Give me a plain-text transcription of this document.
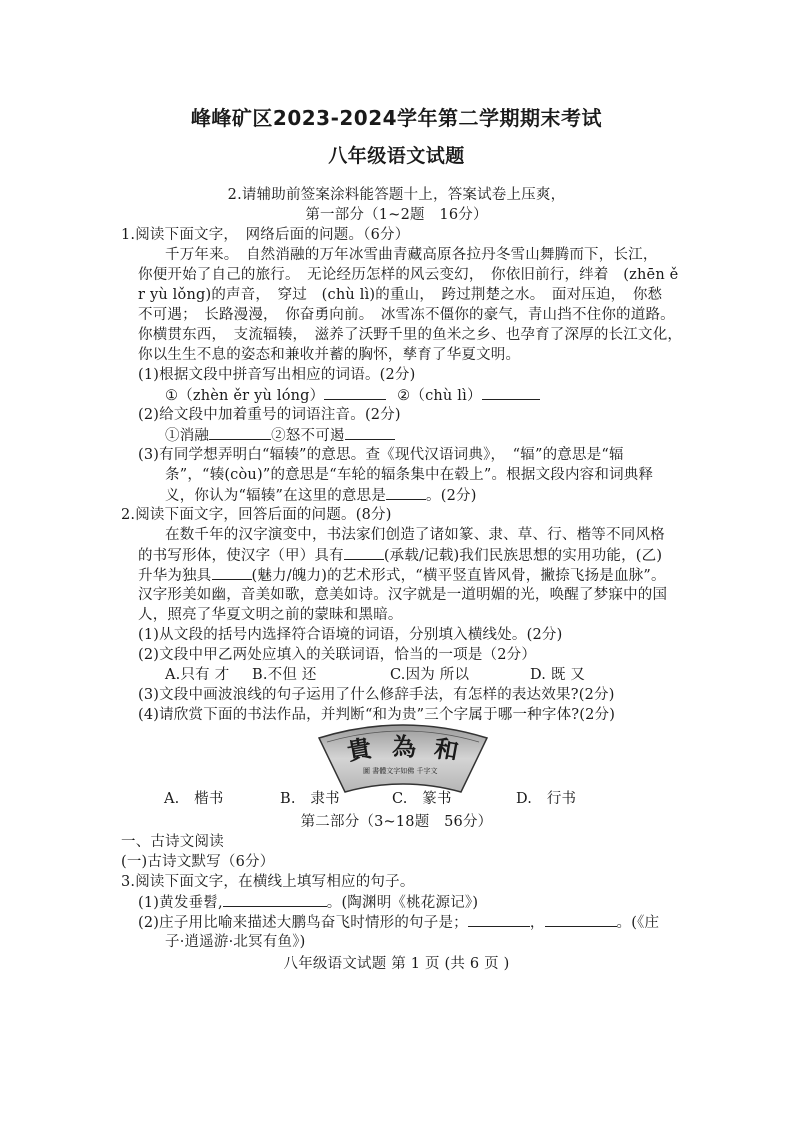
峰峰矿区2023-2024学年第二学期期末考试
八年级语文试题
2.请辅助前签案涂料能答题十上，答案试卷上压爽，
第一部分（1~2题　16分）
1.阅读下面文字，　网络后面的问题。（6分）
千万年来。　自然消融的万年冰雪曲青藏高原各拉丹冬雪山舞腾而下，长江，
你便开始了自己的旅行。　无论经历怎样的风云变幻，　你依旧前行，绊着　(zhēn ě
r yù lǒng)的声音，　穿过　(chù lì)的重山，　跨过荆楚之水。　面对压迫，　你愁
不可遇；　长路漫漫，　你奋勇向前。　冰雪冻不僵你的豪气，青山挡不住你的道路。
你横贯东西，　支流辐辏，　滋养了沃野千里的鱼米之乡、也孕育了深厚的长江文化，
你以生生不息的姿态和兼收并蓄的胸怀，孳育了华夏文明。
(1)根据文段中拼音写出相应的词语。(2分)
①（zhèn ěr yù lóng）	②（chù lì）
(2)给文段中加着重号的词语注音。(2分)
①消融	②怒不可遏
(3)有同学想弄明白“辐辏”的意思。查《现代汉语词典》，　“辐”的意思是“辐
条”，“辏(còu)”的意思是“车轮的辐条集中在毂上”。根据文段内容和词典释
义，你认为“辐辏”在这里的意思是	。(2分)
2.阅读下面文字，回答后面的问题。(8分)
在数千年的汉字演变中，书法家们创造了诸如篆、隶、草、行、楷等不同风格
的书写形体，使汉字（甲）具有	(承载/记载)我们民族思想的实用功能，(乙)
升华为独具	(魅力/魄力)的艺术形式，“横平竖直皆风骨，撇捺飞扬是血脉”。
汉字形美如幽，音美如歌，意美如诗。汉字就是一道明媚的光，唤醒了梦寐中的国
人，照亮了华夏文明之前的蒙昧和黑暗。
(1)从文段的括号内选择符合语境的词语，分别填入横线处。(2分)
(2)文段中甲乙两处应填入的关联词语，恰当的一项是（2分）
A.只有 才 B.不但 还	C.因为 所以	D. 既 又
(3)文段中画波浪线的句子运用了什么修辞手法，有怎样的表达效果?(2分)
(4)请欣赏下面的书法作品，并判断“和为贵”三个字属于哪一种字体?(2分)
貴 為 和
圖 書體文字如佛 千字文
A.　楷书	B.　隶书	C.　篆书	D.　行书
第二部分（3~18题　56分）
一、古诗文阅读
(一)古诗文默写（6分）
3.阅读下面文字，在横线上填写相应的句子。
(1)黄发垂髫,	。(陶渊明《桃花源记》)
(2)庄子用比喻来描述大鹏鸟奋飞时情形的句子是；	，	。(《庄
子·逍遥游·北冥有鱼》)
八年级语文试题 第 1 页 (共 6 页 )
